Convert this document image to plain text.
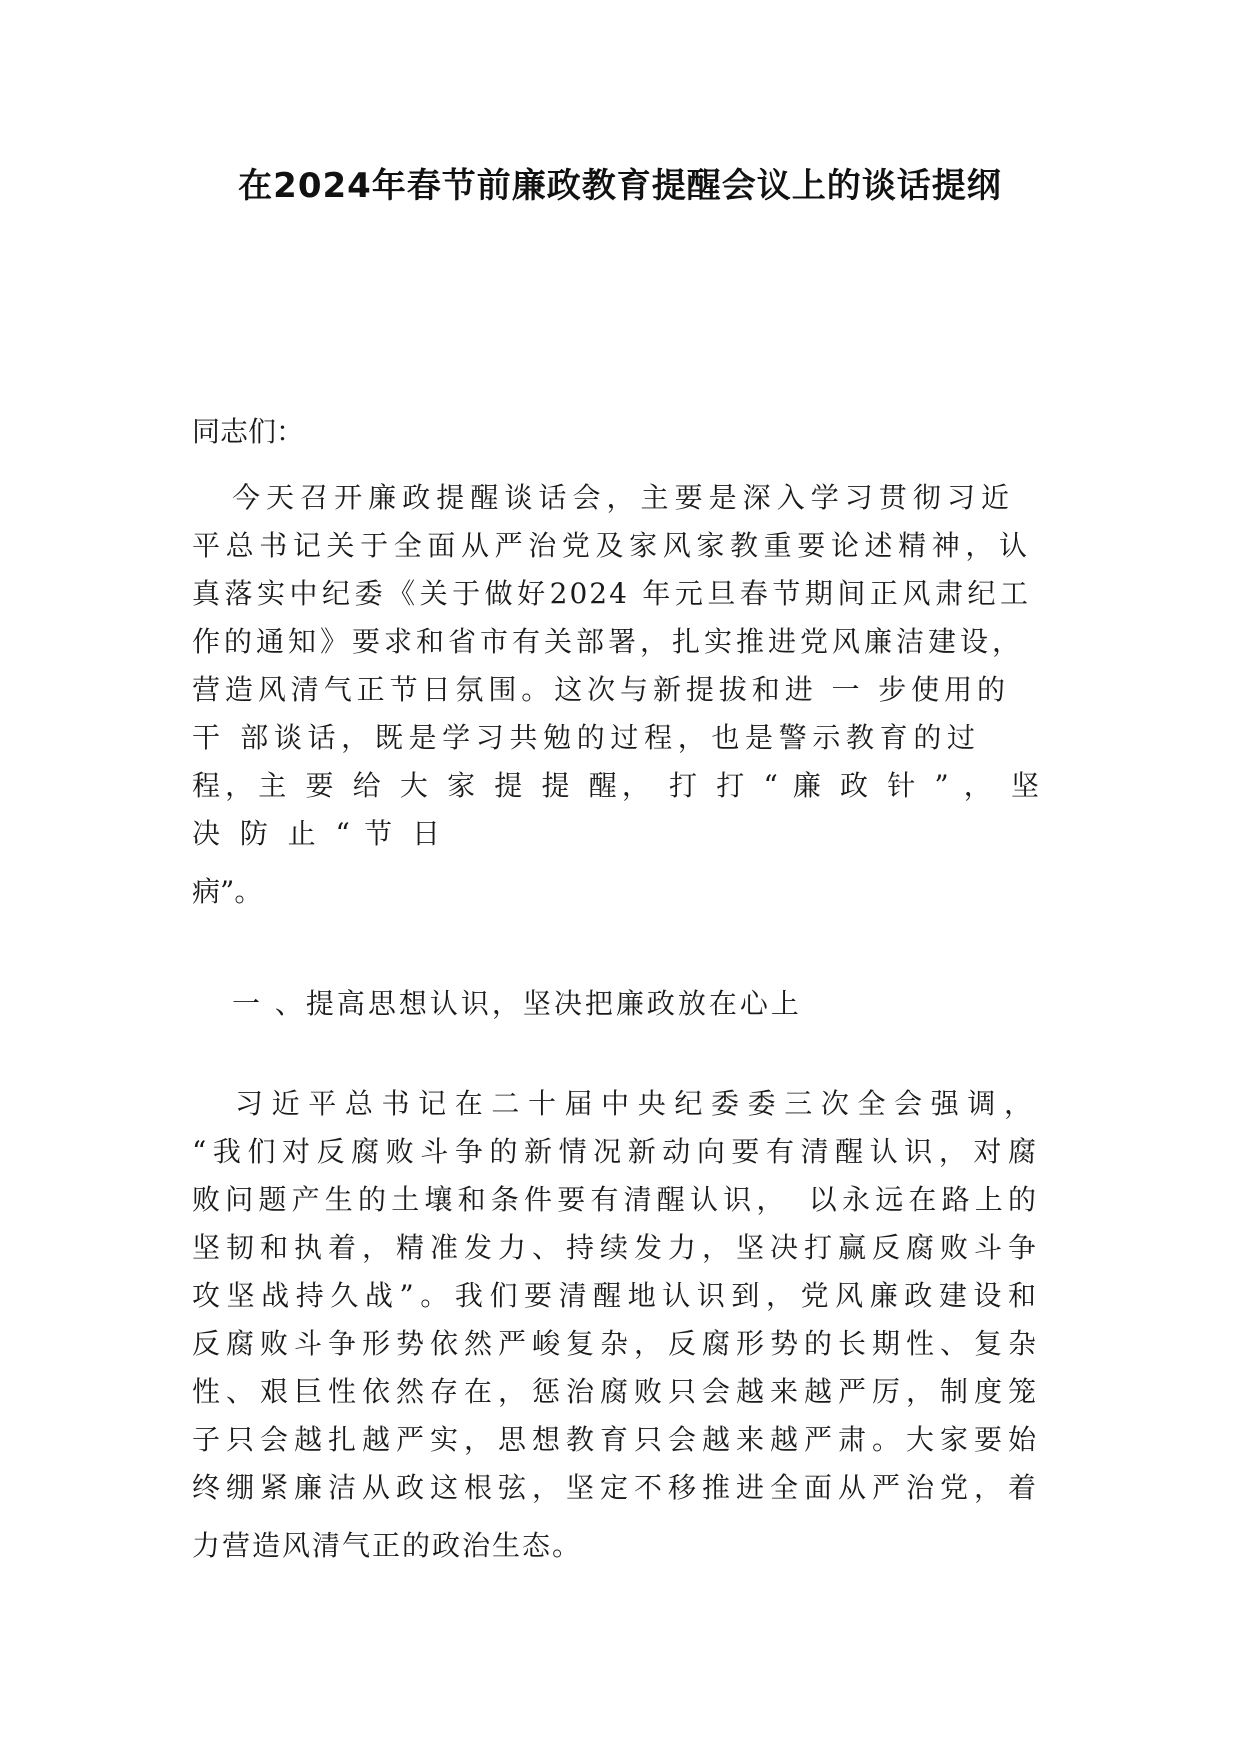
在2024年春节前廉政教育提醒会议上的谈话提纲
同志们：
今天召开廉政提醒谈话会，主要是深入学习贯彻习近
平总书记关于全面从严治党及家风家教重要论述精神，认
真落实中纪委《关于做好2024 年元旦春节期间正风肃纪工
作的通知》要求和省市有关部署，扎实推进党风廉洁建设，
营造风清气正节日氛围。这次与新提拔和进 一 步使用的
干 部谈话，既是学习共勉的过程，也是警示教育的过
程，主 要 给 大 家 提 提 醒， 打 打 “ 廉 政 针 ” ， 坚
决 防 止 “ 节 日
病”。
一 、提高思想认识，坚决把廉政放在心上
习近平总书记在二十届中央纪委委三次全会强调，
“我们对反腐败斗争的新情况新动向要有清醒认识，对腐
败问题产生的土壤和条件要有清醒认识，　以永远在路上的
坚韧和执着，精准发力、持续发力，坚决打赢反腐败斗争
攻坚战持久战”。我们要清醒地认识到，党风廉政建设和
反腐败斗争形势依然严峻复杂，反腐形势的长期性、复杂
性、艰巨性依然存在，惩治腐败只会越来越严厉，制度笼
子只会越扎越严实，思想教育只会越来越严肃。大家要始
终绷紧廉洁从政这根弦，坚定不移推进全面从严治党，着
力营造风清气正的政治生态。
